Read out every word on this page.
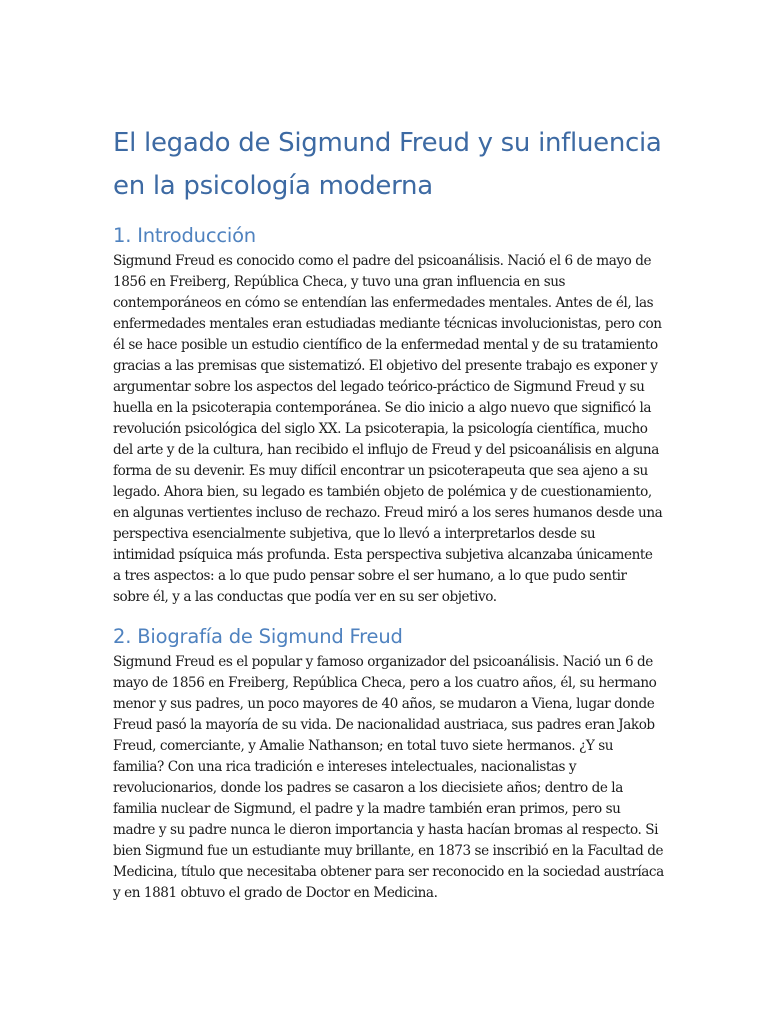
El legado de Sigmund Freud y su influencia
en la psicología moderna
1. Introducción

Sigmund Freud es conocido como el padre del psicoanálisis. Nació el 6 de mayo de
1856 en Freiberg, República Checa, y tuvo una gran influencia en sus
contemporáneos en cómo se entendían las enfermedades mentales. Antes de él, las
enfermedades mentales eran estudiadas mediante técnicas involucionistas, pero con
él se hace posible un estudio científico de la enfermedad mental y de su tratamiento
gracias a las premisas que sistematizó. El objetivo del presente trabajo es exponer y
argumentar sobre los aspectos del legado teórico-práctico de Sigmund Freud y su
huella en la psicoterapia contemporánea. Se dio inicio a algo nuevo que significó la
revolución psicológica del siglo XX. La psicoterapia, la psicología científica, mucho
del arte y de la cultura, han recibido el influjo de Freud y del psicoanálisis en alguna
forma de su devenir. Es muy difícil encontrar un psicoterapeuta que sea ajeno a su
legado. Ahora bien, su legado es también objeto de polémica y de cuestionamiento,
en algunas vertientes incluso de rechazo. Freud miró a los seres humanos desde una
perspectiva esencialmente subjetiva, que lo llevó a interpretarlos desde su
intimidad psíquica más profunda. Esta perspectiva subjetiva alcanzaba únicamente
a tres aspectos: a lo que pudo pensar sobre el ser humano, a lo que pudo sentir
sobre él, y a las conductas que podía ver en su ser objetivo.

2. Biografía de Sigmund Freud

Sigmund Freud es el popular y famoso organizador del psicoanálisis. Nació un 6 de
mayo de 1856 en Freiberg, República Checa, pero a los cuatro años, él, su hermano
menor y sus padres, un poco mayores de 40 años, se mudaron a Viena, lugar donde
Freud pasó la mayoría de su vida. De nacionalidad austriaca, sus padres eran Jakob
Freud, comerciante, y Amalie Nathanson; en total tuvo siete hermanos. ¿Y su
familia? Con una rica tradición e intereses intelectuales, nacionalistas y
revolucionarios, donde los padres se casaron a los diecisiete años; dentro de la
familia nuclear de Sigmund, el padre y la madre también eran primos, pero su
madre y su padre nunca le dieron importancia y hasta hacían bromas al respecto. Si
bien Sigmund fue un estudiante muy brillante, en 1873 se inscribió en la Facultad de
Medicina, título que necesitaba obtener para ser reconocido en la sociedad austríaca
y en 1881 obtuvo el grado de Doctor en Medicina.
